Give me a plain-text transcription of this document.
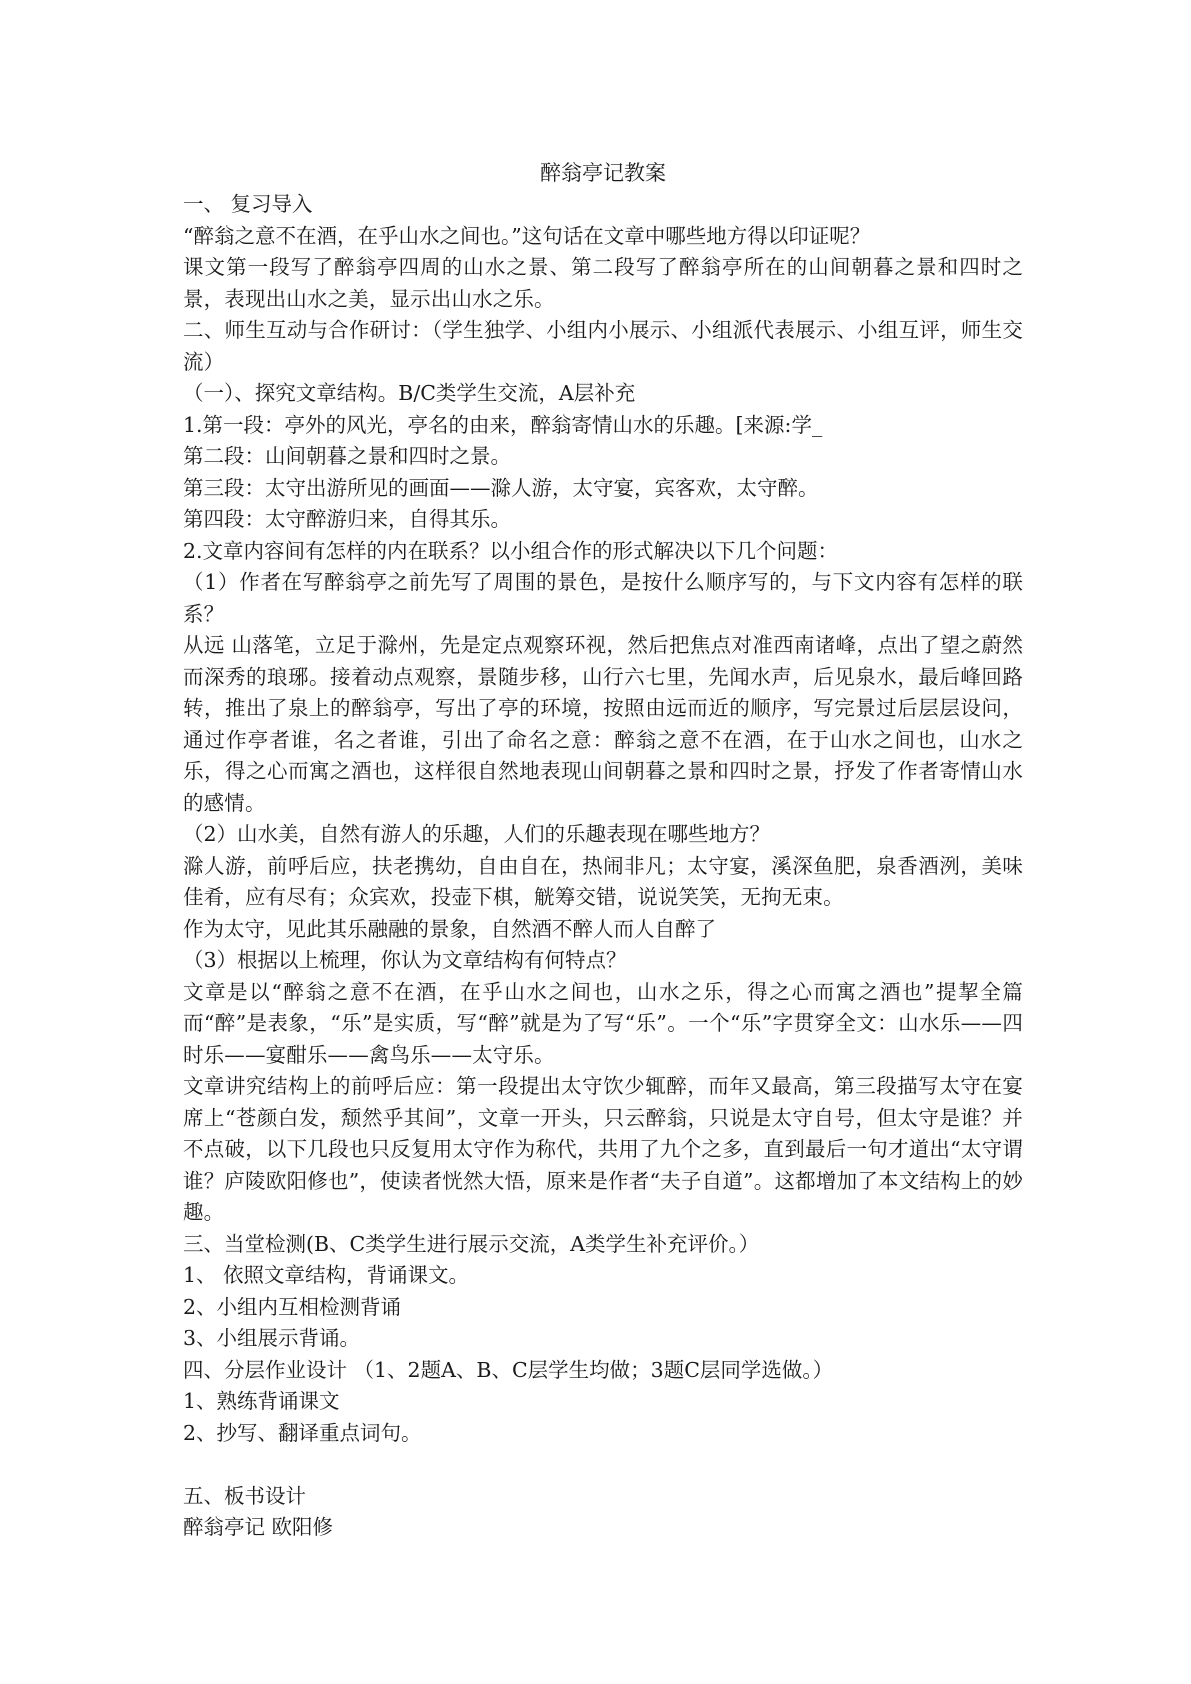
醉翁亭记教案

一、 复习导入

“醉翁之意不在酒，在乎山水之间也。”这句话在文章中哪些地方得以印证呢？

课文第一段写了醉翁亭四周的山水之景、第二段写了醉翁亭所在的山间朝暮之景和四时之景，表现出山水之美，显示出山水之乐。

二、师生互动与合作研讨：（学生独学、小组内小展示、小组派代表展示、小组互评，师生交流）

（一）、探究文章结构。B/C类学生交流，A层补充

1.第一段：亭外的风光，亭名的由来，醉翁寄情山水的乐趣。[来源:学_

第二段：山间朝暮之景和四时之景。

第三段：太守出游所见的画面——滁人游，太守宴，宾客欢，太守醉。

第四段：太守醉游归来，自得其乐。

2.文章内容间有怎样的内在联系？以小组合作的形式解决以下几个问题：

（1）作者在写醉翁亭之前先写了周围的景色，是按什么顺序写的，与下文内容有怎样的联系？

从远 山落笔，立足于滁州，先是定点观察环视，然后把焦点对准西南诸峰，点出了望之蔚然而深秀的琅琊。接着动点观察，景随步移，山行六七里，先闻水声，后见泉水，最后峰回路转，推出了泉上的醉翁亭，写出了亭的环境，按照由远而近的顺序，写完景过后层层设问，通过作亭者谁，名之者谁，引出了命名之意：醉翁之意不在酒，在于山水之间也，山水之乐，得之心而寓之酒也，这样很自然地表现山间朝暮之景和四时之景，抒发了作者寄情山水的感情。

（2）山水美，自然有游人的乐趣，人们的乐趣表现在哪些地方？

滁人游，前呼后应，扶老携幼，自由自在，热闹非凡；太守宴，溪深鱼肥，泉香酒洌，美味佳肴，应有尽有；众宾欢，投壶下棋，觥筹交错，说说笑笑，无拘无束。

作为太守，见此其乐融融的景象，自然酒不醉人而人自醉了

（3）根据以上梳理，你认为文章结构有何特点？

文章是以“醉翁之意不在酒，在乎山水之间也，山水之乐，得之心而寓之酒也”提挈全篇而“醉”是表象，“乐”是实质，写“醉”就是为了写“乐”。一个“乐”字贯穿全文：山水乐——四时乐——宴酣乐——禽鸟乐——太守乐。

文章讲究结构上的前呼后应：第一段提出太守饮少辄醉，而年又最高，第三段描写太守在宴席上“苍颜白发，颓然乎其间”，文章一开头，只云醉翁，只说是太守自号，但太守是谁？并不点破，以下几段也只反复用太守作为称代，共用了九个之多，直到最后一句才道出“太守谓谁？庐陵欧阳修也”，使读者恍然大悟，原来是作者“夫子自道”。这都增加了本文结构上的妙趣。

三、当堂检测(B、C类学生进行展示交流，A类学生补充评价。）

1、 依照文章结构，背诵课文。

2、小组内互相检测背诵

3、小组展示背诵。

四、分层作业设计 （1、2题A、B、C层学生均做；3题C层同学选做。）

1、熟练背诵课文

2、抄写、翻译重点词句。

五、板书设计

醉翁亭记 欧阳修
